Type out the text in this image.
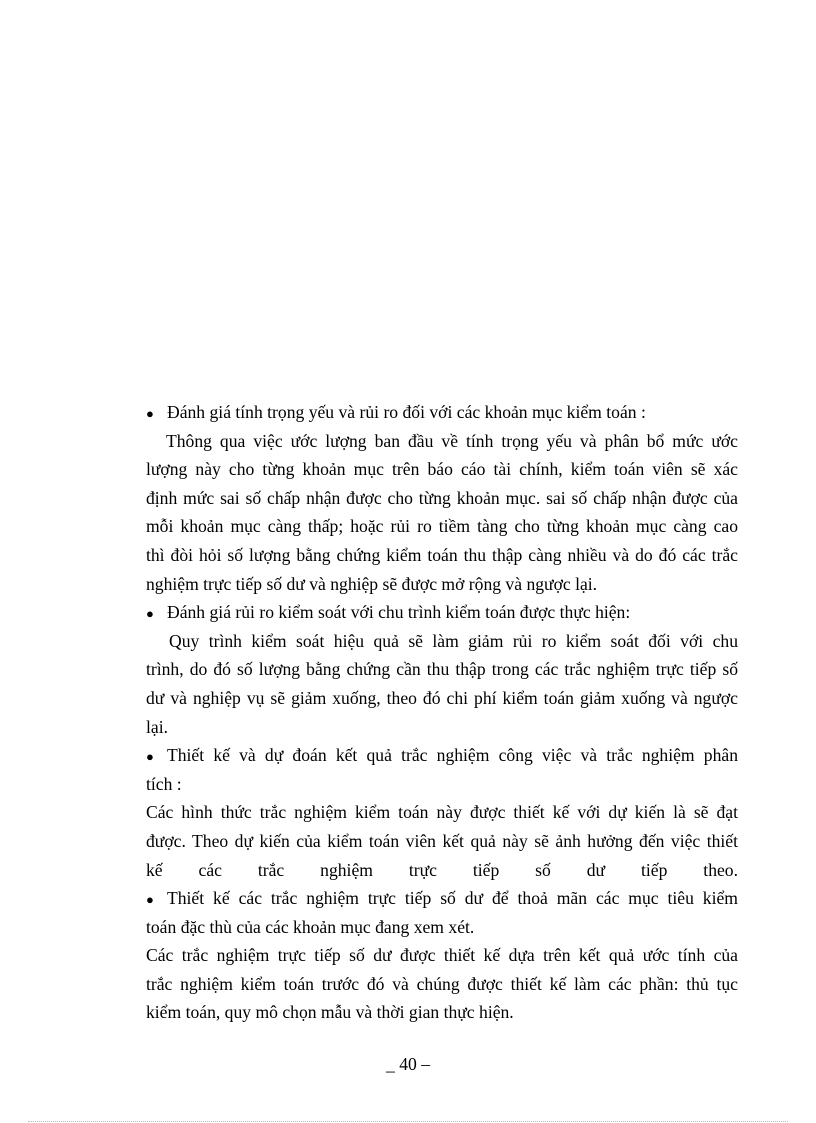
● Đánh giá tính trọng yếu và rủi ro đối với các khoản mục kiểm toán :
Thông qua việc ước lượng ban đầu về tính trọng yếu và phân bổ mức ước
lượng này cho từng khoản mục trên báo cáo tài chính, kiểm toán viên sẽ xác
định mức sai số chấp nhận được cho từng khoản mục. sai số chấp nhận được của
mỗi khoản mục càng thấp; hoặc rủi ro tiềm tàng cho từng khoản mục càng cao
thì đòi hỏi số lượng bằng chứng kiểm toán thu thập càng nhiều và do đó các trắc
nghiệm trực tiếp số dư và nghiệp sẽ được mở rộng và ngược lại.
● Đánh giá rủi ro kiểm soát với chu trình kiểm toán được thực hiện:
Quy trình kiểm soát hiệu quả sẽ làm giảm rủi ro kiểm soát đối với chu
trình, do đó số lượng bằng chứng cần thu thập trong các trắc nghiệm trực tiếp số
dư và nghiệp vụ sẽ giảm xuống, theo đó chi phí kiểm toán giảm xuống và ngược
lại.
● Thiết kế và dự đoán kết quả trắc nghiệm công việc và trắc nghiệm phân
tích :
Các hình thức trắc nghiệm kiểm toán này được thiết kế với dự kiến là sẽ đạt
được. Theo dự kiến của kiểm toán viên kết quả này sẽ ảnh hưởng đến việc thiết
kế các trắc nghiệm trực tiếp số dư tiếp theo.
● Thiết kế các trắc nghiệm trực tiếp số dư để thoả mãn các mục tiêu kiểm
toán đặc thù của các khoản mục đang xem xét.
Các trắc nghiệm trực tiếp số dư được thiết kế dựa trên kết quả ước tính của
trắc nghiệm kiểm toán trước đó và chúng được thiết kế làm các phần: thủ tục
kiểm toán, quy mô chọn mẫu và thời gian thực hiện.
_ 40 –
